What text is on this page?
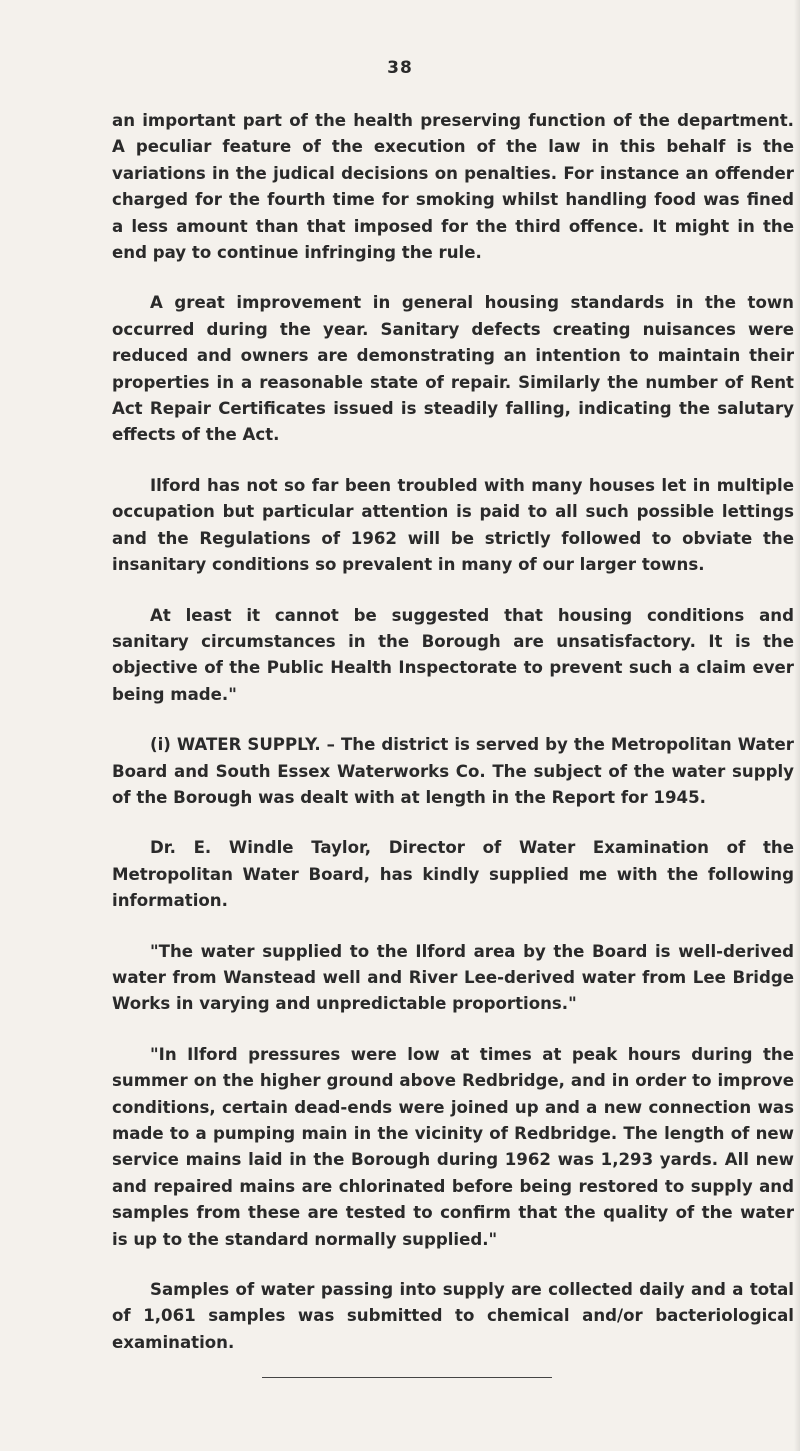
38

an important part of the health preserving function of the department. A peculiar feature of the execution of the law in this behalf is the variations in the judical decisions on penalties. For instance an offender charged for the fourth time for smoking whilst handling food was fined a less amount than that imposed for the third offence. It might in the end pay to continue infringing the rule.

A great improvement in general housing standards in the town occurred during the year. Sanitary defects creating nuisances were reduced and owners are demonstrating an intention to maintain their properties in a reasonable state of repair. Similarly the number of Rent Act Repair Certificates issued is steadily falling, indicating the salutary effects of the Act.

Ilford has not so far been troubled with many houses let in multiple occupation but particular attention is paid to all such possible lettings and the Regulations of 1962 will be strictly followed to obviate the insanitary conditions so prevalent in many of our larger towns.

At least it cannot be suggested that housing conditions and sanitary circumstances in the Borough are unsatisfactory. It is the objective of the Public Health Inspectorate to prevent such a claim ever being made."

(i) WATER SUPPLY. – The district is served by the Metropolitan Water Board and South Essex Waterworks Co. The subject of the water supply of the Borough was dealt with at length in the Report for 1945.

Dr. E. Windle Taylor, Director of Water Examination of the Metropolitan Water Board, has kindly supplied me with the following information.

"The water supplied to the Ilford area by the Board is well-derived water from Wanstead well and River Lee-derived water from Lee Bridge Works in varying and unpredictable proportions."

"In Ilford pressures were low at times at peak hours during the summer on the higher ground above Redbridge, and in order to improve conditions, certain dead-ends were joined up and a new connection was made to a pumping main in the vicinity of Redbridge. The length of new service mains laid in the Borough during 1962 was 1,293 yards. All new and repaired mains are chlorinated before being restored to supply and samples from these are tested to confirm that the quality of the water is up to the standard normally supplied."

Samples of water passing into supply are collected daily and a total of 1,061 samples was submitted to chemical and/or bacteriological examination.
